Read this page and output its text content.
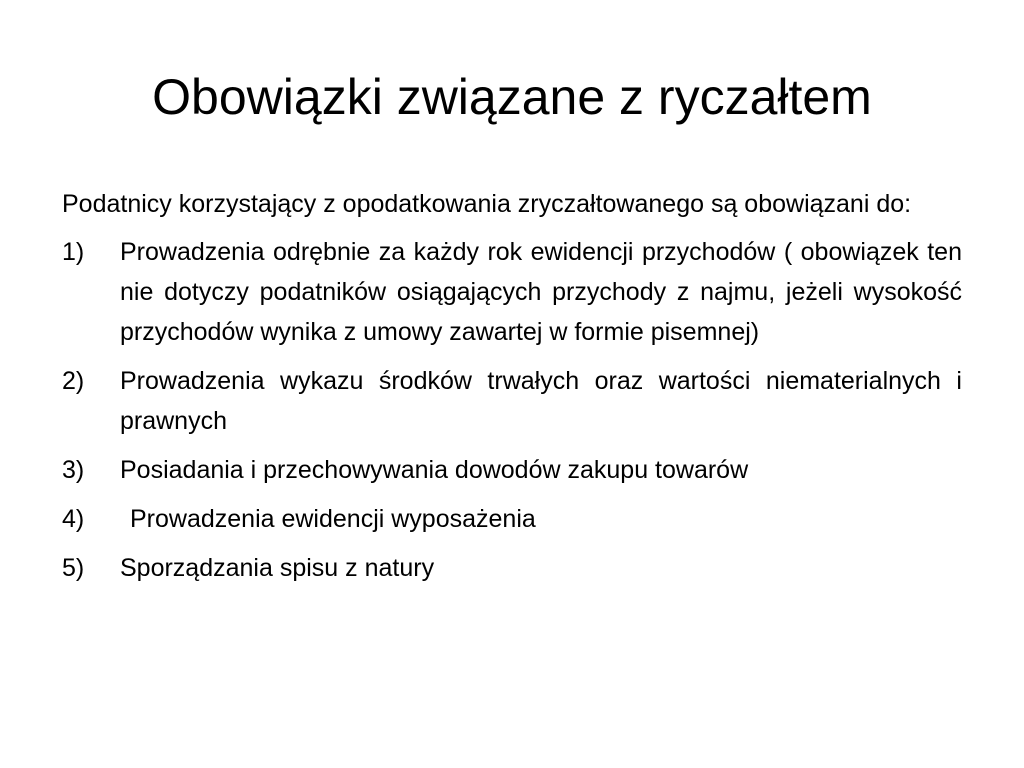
Obowiązki związane z ryczałtem

Podatnicy korzystający z opodatkowania zryczałtowanego są obowiązani do:

1)	Prowadzenia odrębnie za każdy rok ewidencji przychodów ( obowiązek ten nie dotyczy podatników osiągających przychody z najmu, jeżeli wysokość przychodów wynika z umowy zawartej w formie pisemnej)
2)	Prowadzenia wykazu środków trwałych oraz wartości niematerialnych i prawnych
3)	Posiadania i przechowywania dowodów zakupu towarów
4)	Prowadzenia ewidencji wyposażenia
5)	Sporządzania spisu z natury
